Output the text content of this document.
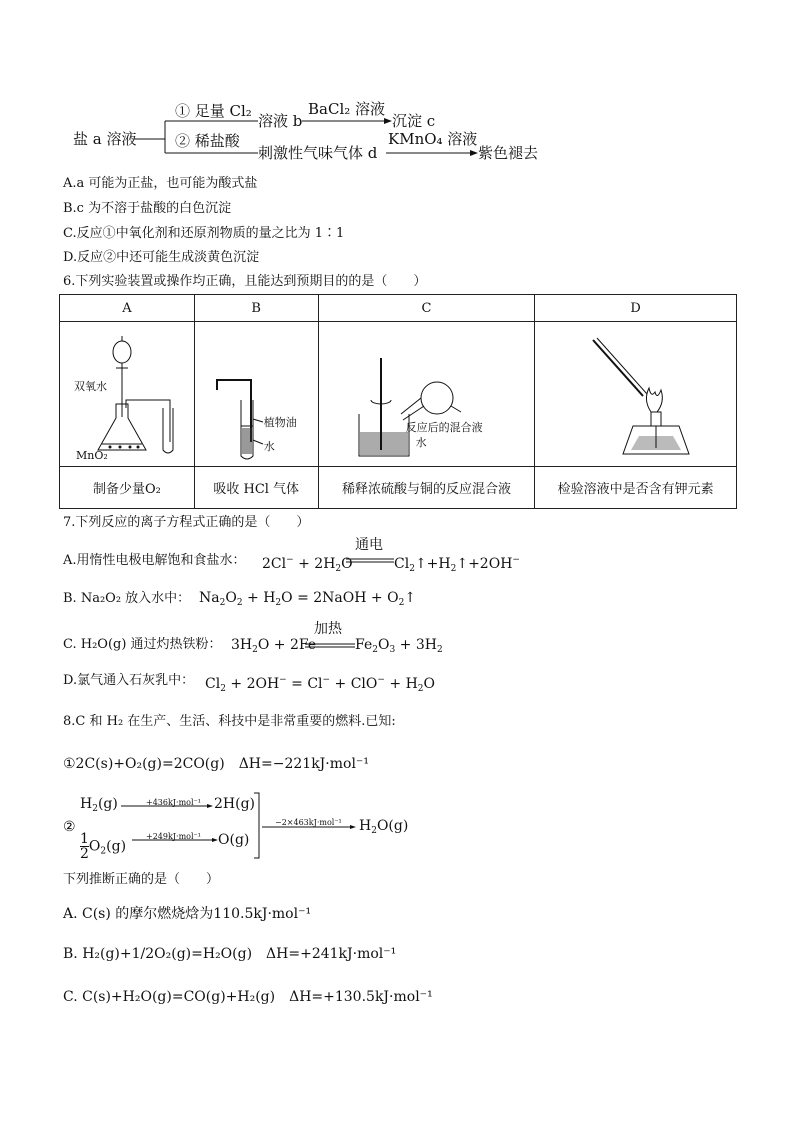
盐 a 溶液
① 足量 Cl₂
溶液 b
BaCl₂ 溶液
沉淀 c
② 稀盐酸
刺激性气味气体 d
KMnO₄ 溶液
紫色褪去
A.a 可能为正盐，也可能为酸式盐
B.c 为不溶于盐酸的白色沉淀
C.反应①中氧化剂和还原剂物质的量之比为 1∶1
D.反应②中还可能生成淡黄色沉淀
6.下列实验装置或操作均正确，且能达到预期目的的是（　　）
A	B	C	D

双氧水
MnO₂	植物油
水	反应后的混合液
水

制备少量O₂	吸收 HCl 气体	稀释浓硫酸与铜的反应混合液	检验溶液中是否含有钾元素
7.下列反应的离子方程式正确的是（　　）
A.用惰性电极电解饱和食盐水： $2Cl^- + 2H_2O$
通电
$Cl_2↑+H_2↑+2OH^-$
B. Na₂O₂ 放入水中： $Na_2O_2 + H_2O$ = 2NaOH + $O_2↑$
C. H₂O(g) 通过灼热铁粉： $3H_2O + 2Fe$
加热
$Fe_2O_3 + 3H_2$
D.氯气通入石灰乳中： $Cl_2 + 2OH^- = Cl^- + ClO^- + H_2O$
8.C 和 H₂ 在生产、生活、科技中是非常重要的燃料.已知:
①2C(s)+O₂(g)=2CO(g)　ΔH=−221kJ·mol⁻¹
$H_2(g)$	+436kJ·mol⁻¹ 2H(g)
②
$\frac{1}{2} O_2(g)$
+249kJ·mol⁻¹ O(g)
−2×463kJ·mol⁻¹ $H_2O(g)$
下列推断正确的是（　　）
A. C(s) 的摩尔燃烧焓为110.5kJ·mol⁻¹
B. H₂(g)+1/2O₂(g)=H₂O(g)　ΔH=+241kJ·mol⁻¹
C. C(s)+H₂O(g)=CO(g)+H₂(g)　ΔH=+130.5kJ·mol⁻¹
